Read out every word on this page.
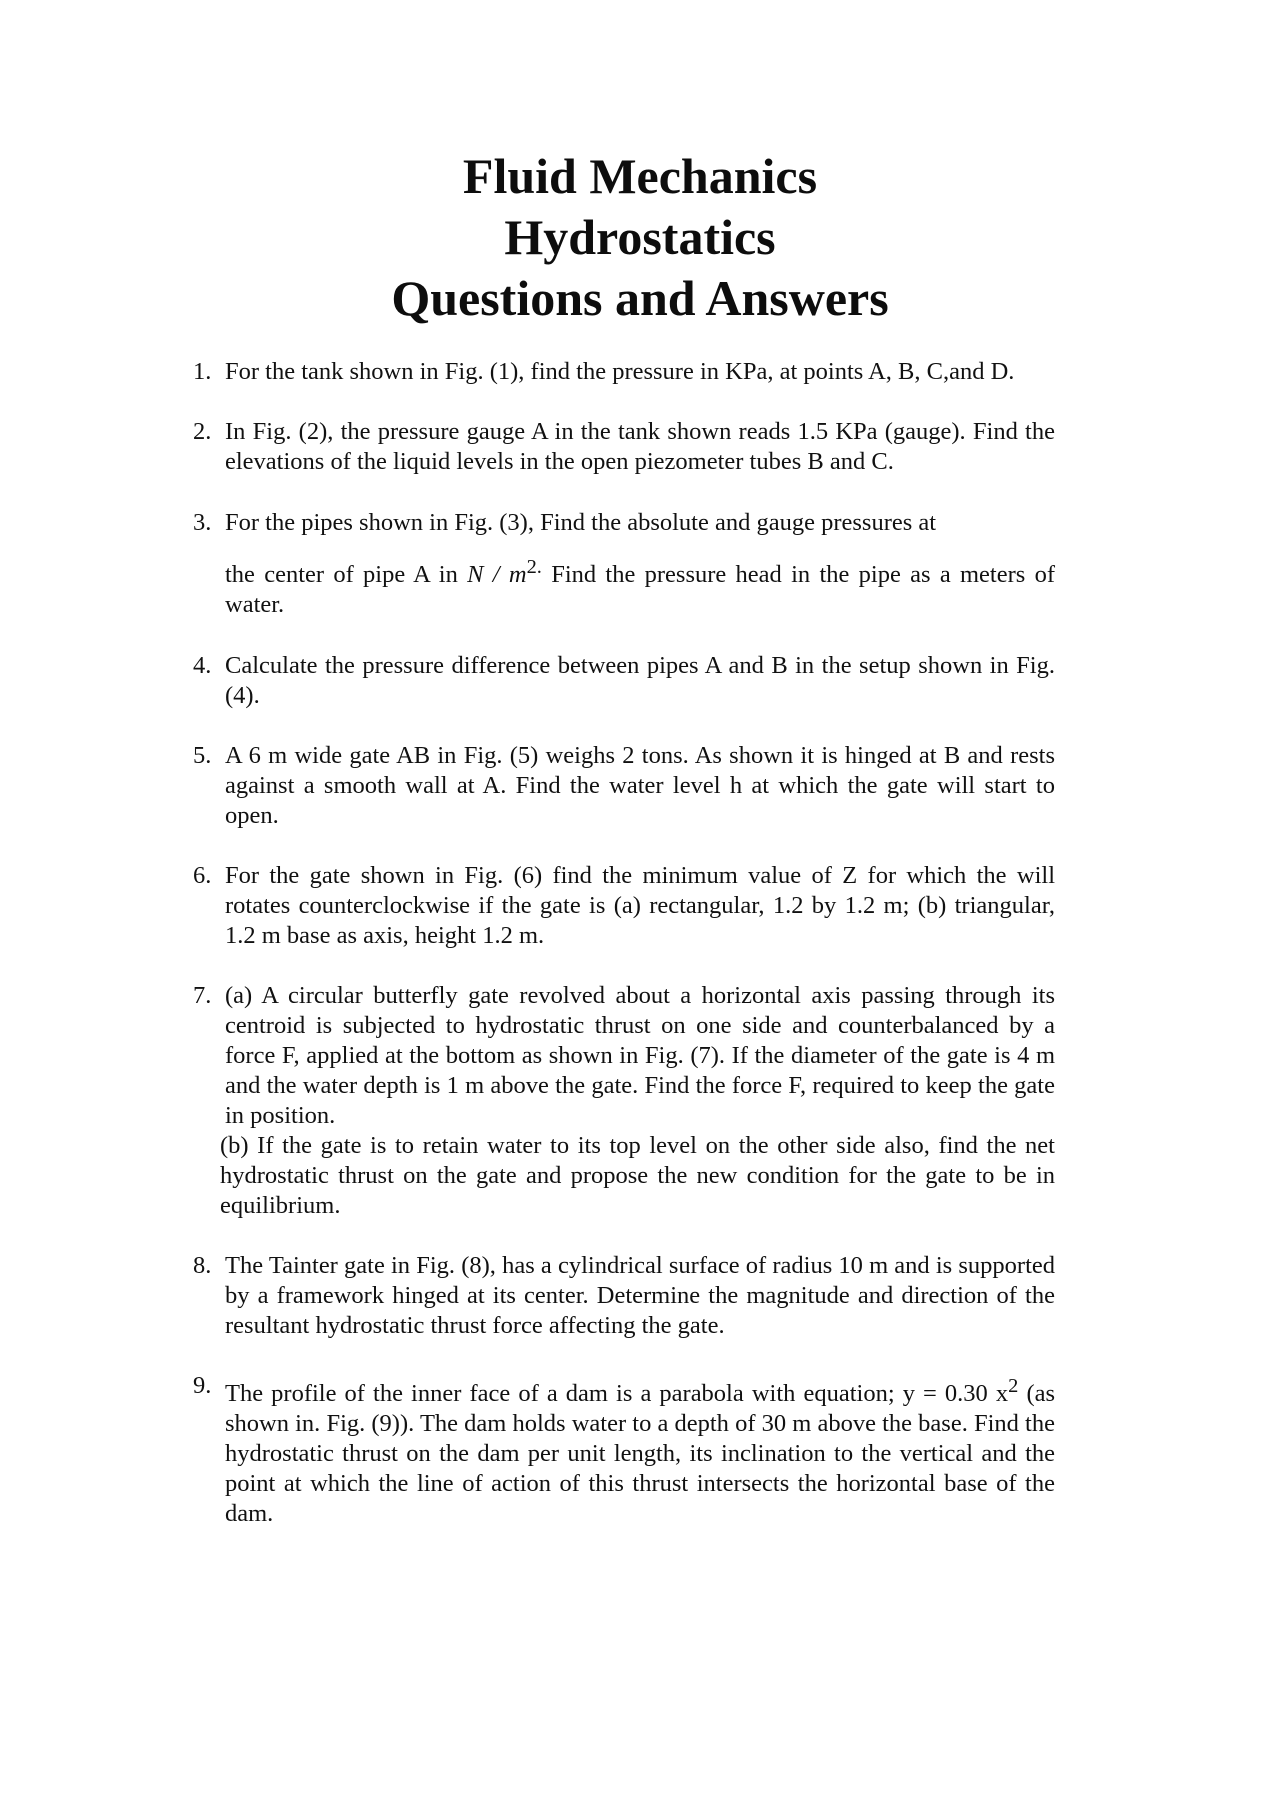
Fluid Mechanics
Hydrostatics
Questions and Answers
1 . For the tank shown in Fig. (1), find the pressure in KPa, at points A, B, C,and D.
2 . In Fig. (2), the pressure gauge A in the tank shown reads 1.5 KPa (gauge). Find the elevations of the liquid levels in the open piezometer tubes B and C.
3 . For the pipes shown in Fig. (3), Find the absolute and gauge pressures at
the center of pipe A in N / $m^{2.}$ Find the pressure head in the pipe as a meters of water.
4 . Calculate the pressure difference between pipes A and B in the setup shown in Fig. (4).
5 . A 6 m wide gate AB in Fig. (5) weighs 2 tons. As shown it is hinged at B and rests against a smooth wall at A. Find the water level h at which the gate will start to open.
6 . For the gate shown in Fig. (6) find the minimum value of Z for which the will rotates counterclockwise if the gate is (a) rectangular, 1.2 by 1.2 m; (b) triangular, 1.2 m base as axis, height 1.2 m.
7 . (a) A circular butterfly gate revolved about a horizontal axis passing through its centroid is subjected to hydrostatic thrust on one side and counterbalanced by a force F, applied at the bottom as shown in Fig. (7). If the diameter of the gate is 4 m and the water depth is 1 m above the gate. Find the force F, required to keep the gate in position.
(b) If the gate is to retain water to its top level on the other side also, find the net hydrostatic thrust on the gate and propose the new condition for the gate to be in equilibrium.
8 . The Tainter gate in Fig. (8), has a cylindrical surface of radius 10 m and is supported by a framework hinged at its center. Determine the magnitude and direction of the resultant hydrostatic thrust force affecting the gate.
9 . The profile of the inner face of a dam is a parabola with equation; y = 0.30 $x^2$ (as shown in. Fig. (9)). The dam holds water to a depth of 30 m above the base. Find the hydrostatic thrust on the dam per unit length, its inclination to the vertical and the point at which the line of action of this thrust intersects the horizontal base of the dam.
